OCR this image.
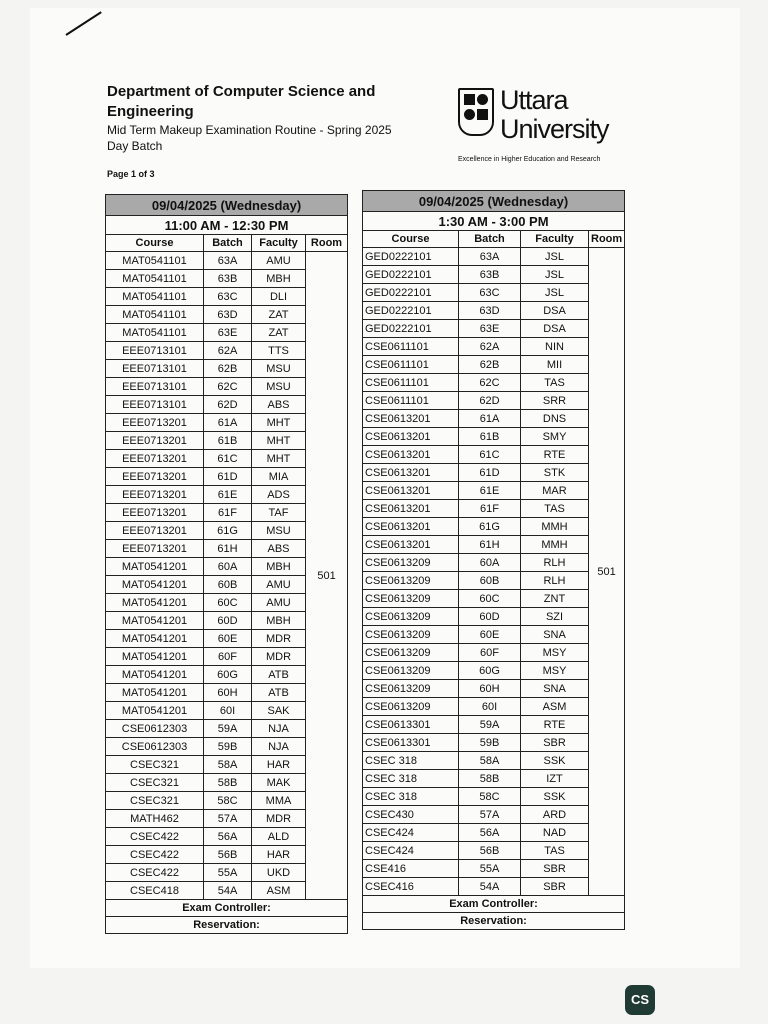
Department of Computer Science and Engineering
Mid Term Makeup Examination Routine - Spring 2025
Day Batch
Page 1 of 3
Uttara
University
Excellence in Higher Education and Research
09/04/2025 (Wednesday)			
11:00 AM - 12:30 PM			
Course	Batch	Faculty	Room
MAT0541101	63A	AMU	501
MAT0541101	63B	MBH	
MAT0541101	63C	DLI	
MAT0541101	63D	ZAT	
MAT0541101	63E	ZAT	
EEE0713101	62A	TTS	
EEE0713101	62B	MSU	
EEE0713101	62C	MSU	
EEE0713101	62D	ABS	
EEE0713201	61A	MHT	
EEE0713201	61B	MHT	
EEE0713201	61C	MHT	
EEE0713201	61D	MIA	
EEE0713201	61E	ADS	
EEE0713201	61F	TAF	
EEE0713201	61G	MSU	
EEE0713201	61H	ABS	
MAT0541201	60A	MBH	
MAT0541201	60B	AMU	
MAT0541201	60C	AMU	
MAT0541201	60D	MBH	
MAT0541201	60E	MDR	
MAT0541201	60F	MDR	
MAT0541201	60G	ATB	
MAT0541201	60H	ATB	
MAT0541201	60I	SAK	
CSE0612303	59A	NJA	
CSE0612303	59B	NJA	
CSEC321	58A	HAR	
CSEC321	58B	MAK	
CSEC321	58C	MMA	
MATH462	57A	MDR	
CSEC422	56A	ALD	
CSEC422	56B	HAR	
CSEC422	55A	UKD	
CSEC418	54A	ASM	
Exam Controller:			
Reservation:			
09/04/2025 (Wednesday)			
1:30 AM - 3:00 PM			
Course	Batch	Faculty	Room
GED0222101	63A	JSL	501
GED0222101	63B	JSL	
GED0222101	63C	JSL	
GED0222101	63D	DSA	
GED0222101	63E	DSA	
CSE0611101	62A	NIN	
CSE0611101	62B	MII	
CSE0611101	62C	TAS	
CSE0611101	62D	SRR	
CSE0613201	61A	DNS	
CSE0613201	61B	SMY	
CSE0613201	61C	RTE	
CSE0613201	61D	STK	
CSE0613201	61E	MAR	
CSE0613201	61F	TAS	
CSE0613201	61G	MMH	
CSE0613201	61H	MMH	
CSE0613209	60A	RLH	
CSE0613209	60B	RLH	
CSE0613209	60C	ZNT	
CSE0613209	60D	SZI	
CSE0613209	60E	SNA	
CSE0613209	60F	MSY	
CSE0613209	60G	MSY	
CSE0613209	60H	SNA	
CSE0613209	60I	ASM	
CSE0613301	59A	RTE	
CSE0613301	59B	SBR	
CSEC 318	58A	SSK	
CSEC 318	58B	IZT	
CSEC 318	58C	SSK	
CSEC430	57A	ARD	
CSEC424	56A	NAD	
CSEC424	56B	TAS	
CSE416	55A	SBR	
CSEC416	54A	SBR	
Exam Controller:			
Reservation:			
CS
